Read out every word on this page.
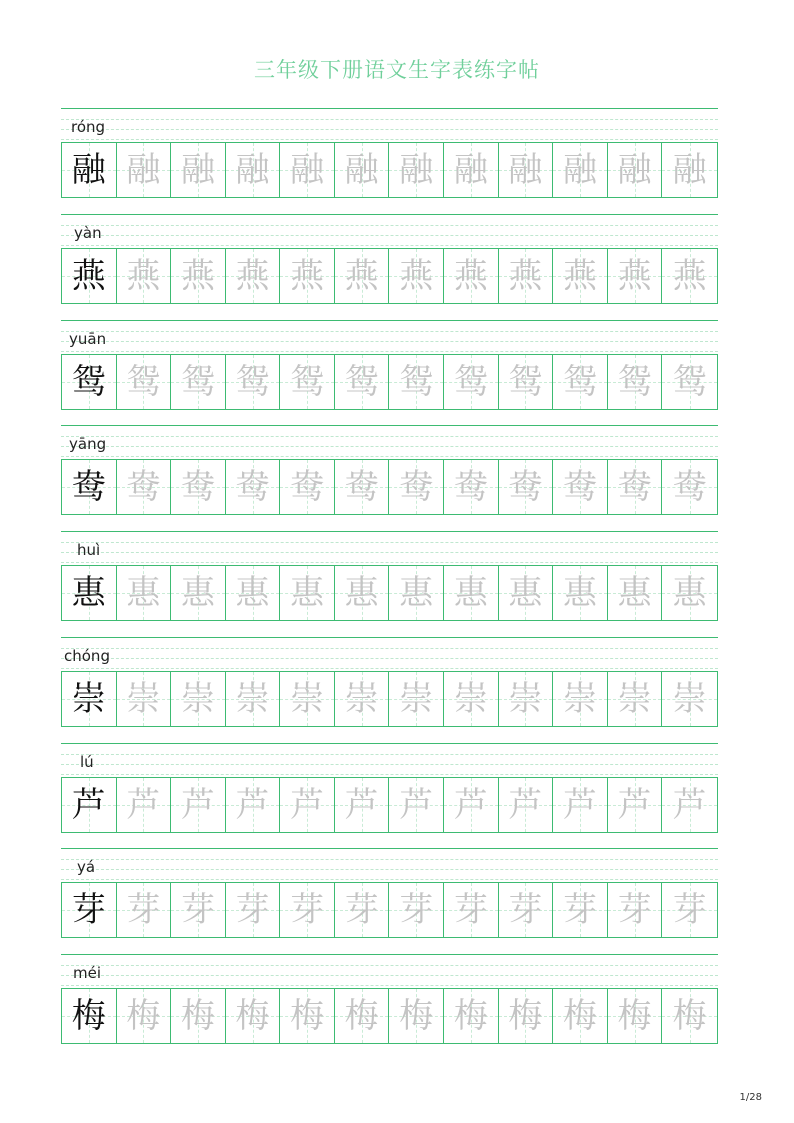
三年级下册语文生字表练字帖
róng
融 融 融 融 融 融 融 融 融 融 融 融
yàn
燕 燕 燕 燕 燕 燕 燕 燕 燕 燕 燕 燕
yuān
鸳 鸳 鸳 鸳 鸳 鸳 鸳 鸳 鸳 鸳 鸳 鸳
yāng
鸯 鸯 鸯 鸯 鸯 鸯 鸯 鸯 鸯 鸯 鸯 鸯
huì
惠 惠 惠 惠 惠 惠 惠 惠 惠 惠 惠 惠
chóng
崇 崇 崇 崇 崇 崇 崇 崇 崇 崇 崇 崇
lú
芦 芦 芦 芦 芦 芦 芦 芦 芦 芦 芦 芦
yá
芽 芽 芽 芽 芽 芽 芽 芽 芽 芽 芽 芽
méi
梅 梅 梅 梅 梅 梅 梅 梅 梅 梅 梅 梅
1/28
